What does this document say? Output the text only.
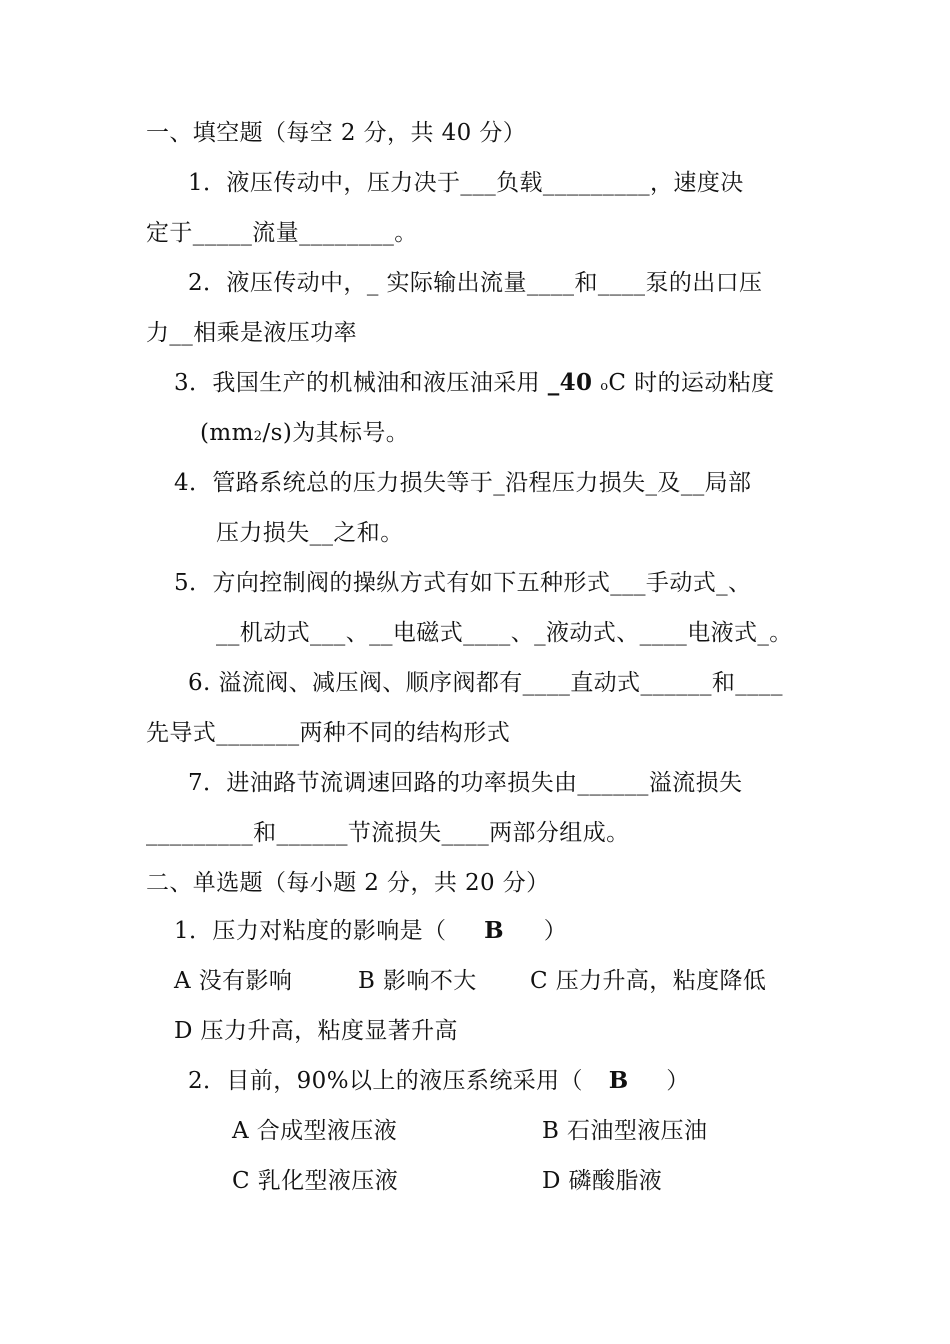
一、填空题（每空 2 分，共 40 分）
1．液压传动中，压力决于___负载_________，速度决
定于_____流量________。
2．液压传动中，_ 实际输出流量____和____泵的出口压
力__相乘是液压功率
3．我国生产的机械油和液压油采用 _40 oC 时的运动粘度
(mm2/s)为其标号。
4．管路系统总的压力损失等于_沿程压力损失_及__局部
压力损失__之和。
5．方向控制阀的操纵方式有如下五种形式___手动式_、
__机动式___、__电磁式____、_液动式、____电液式_。
6. 溢流阀、减压阀、顺序阀都有____直动式______和____
先导式_______两种不同的结构形式
7．进油路节流调速回路的功率损失由______溢流损失
_________和______节流损失____两部分组成。
二、单选题（每小题 2 分，共 20 分）
1．压力对粘度的影响是（ B ）
A 没有影响	B 影响不大 C 压力升高，粘度降低
D 压力升高，粘度显著升高
2．目前，90%以上的液压系统采用（ B ）
A 合成型液压液	B 石油型液压油
C 乳化型液压液	D 磷酸脂液
